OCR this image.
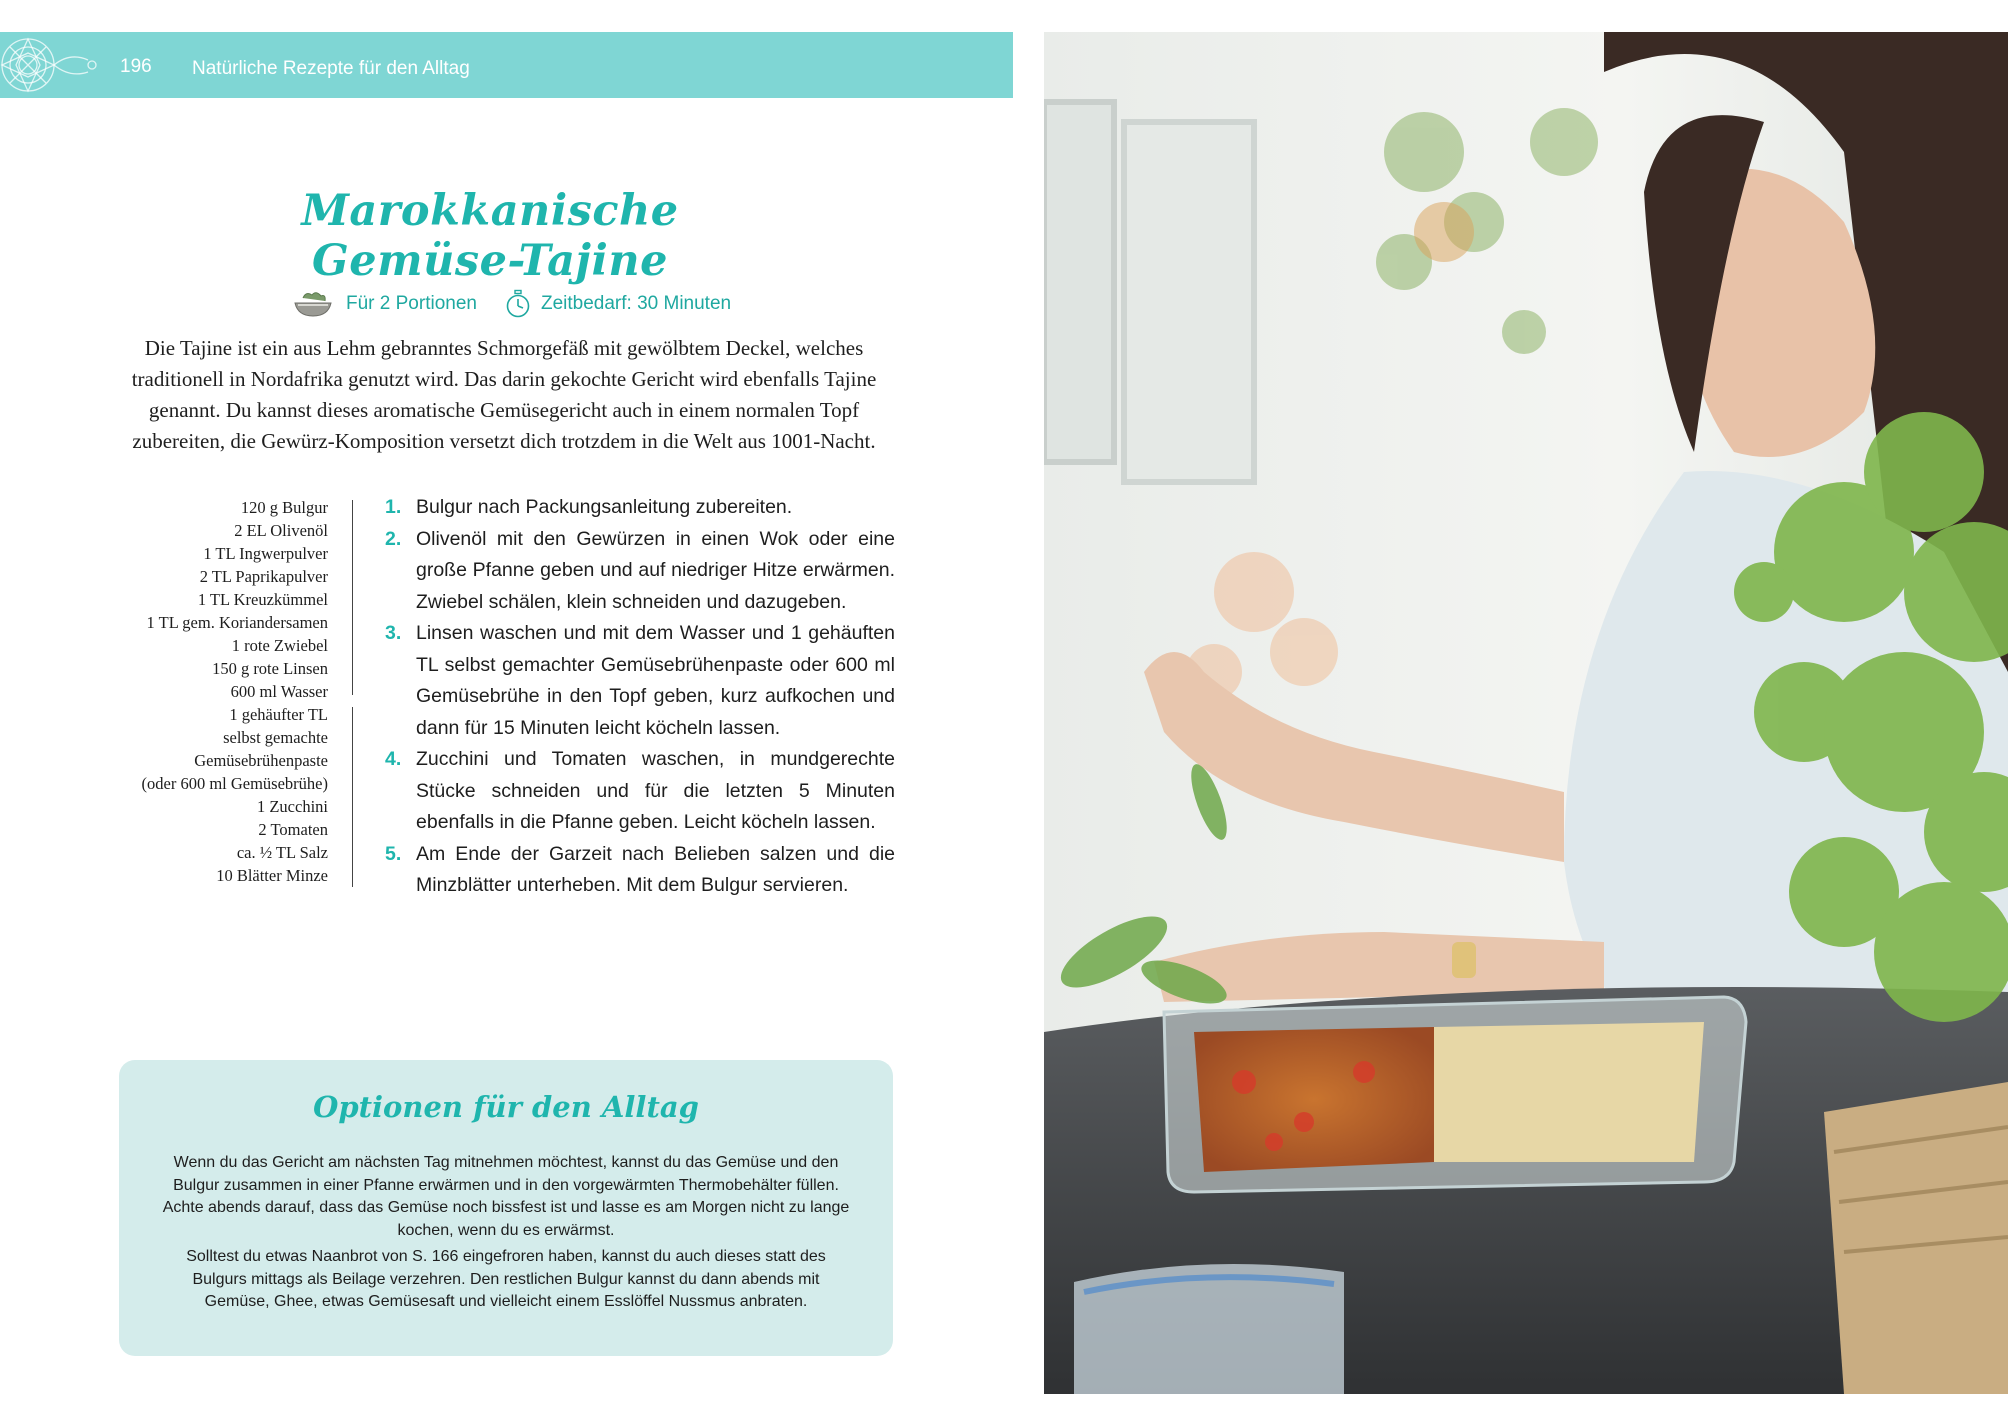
196 Natürliche Rezepte für den Alltag
Marokkanische Gemüse-Tajine
Für 2 Portionen	Zeitbedarf: 30 Minuten
Die Tajine ist ein aus Lehm gebranntes Schmorgefäß mit gewölbtem Deckel, welches traditionell in Nordafrika genutzt wird. Das darin gekochte Gericht wird ebenfalls Tajine genannt. Du kannst dieses aromatische Gemüsegericht auch in einem normalen Topf zubereiten, die Gewürz-Komposition versetzt dich trotzdem in die Welt aus 1001-Nacht.
120 g Bulgur
2 EL Olivenöl
1 TL Ingwerpulver
2 TL Paprikapulver
1 TL Kreuzkümmel
1 TL gem. Koriandersamen
1 rote Zwiebel
150 g rote Linsen
600 ml Wasser
1 gehäufter TL
selbst gemachte
Gemüsebrühenpaste
(oder 600 ml Gemüsebrühe)
1 Zucchini
2 Tomaten
ca. ½ TL Salz
10 Blätter Minze
1. Bulgur nach Packungsanleitung zubereiten.
2. Olivenöl mit den Gewürzen in einen Wok oder eine große Pfanne geben und auf niedriger Hitze erwärmen. Zwiebel schälen, klein schneiden und dazugeben.
3. Linsen waschen und mit dem Wasser und 1 gehäuften TL selbst gemachter Gemüsebrühenpaste oder 600 ml Gemüsebrühe in den Topf geben, kurz aufkochen und dann für 15 Minuten leicht köcheln lassen.
4. Zucchini und Tomaten waschen, in mundgerechte Stücke schneiden und für die letzten 5 Minuten ebenfalls in die Pfanne geben. Leicht köcheln lassen.
5. Am Ende der Garzeit nach Belieben salzen und die Minzblätter unterheben. Mit dem Bulgur servieren.
Optionen für den Alltag

Wenn du das Gericht am nächsten Tag mitnehmen möchtest, kannst du das Gemüse und den Bulgur zusammen in einer Pfanne erwärmen und in den vorgewärmten Thermobehälter füllen. Achte abends darauf, dass das Gemüse noch bissfest ist und lasse es am Morgen nicht zu lange kochen, wenn du es erwärmst.

Solltest du etwas Naanbrot von S. 166 eingefroren haben, kannst du auch dieses statt des Bulgurs mittags als Beilage verzehren. Den restlichen Bulgur kannst du dann abends mit Gemüse, Ghee, etwas Gemüsesaft und vielleicht einem Esslöffel Nussmus anbraten.
